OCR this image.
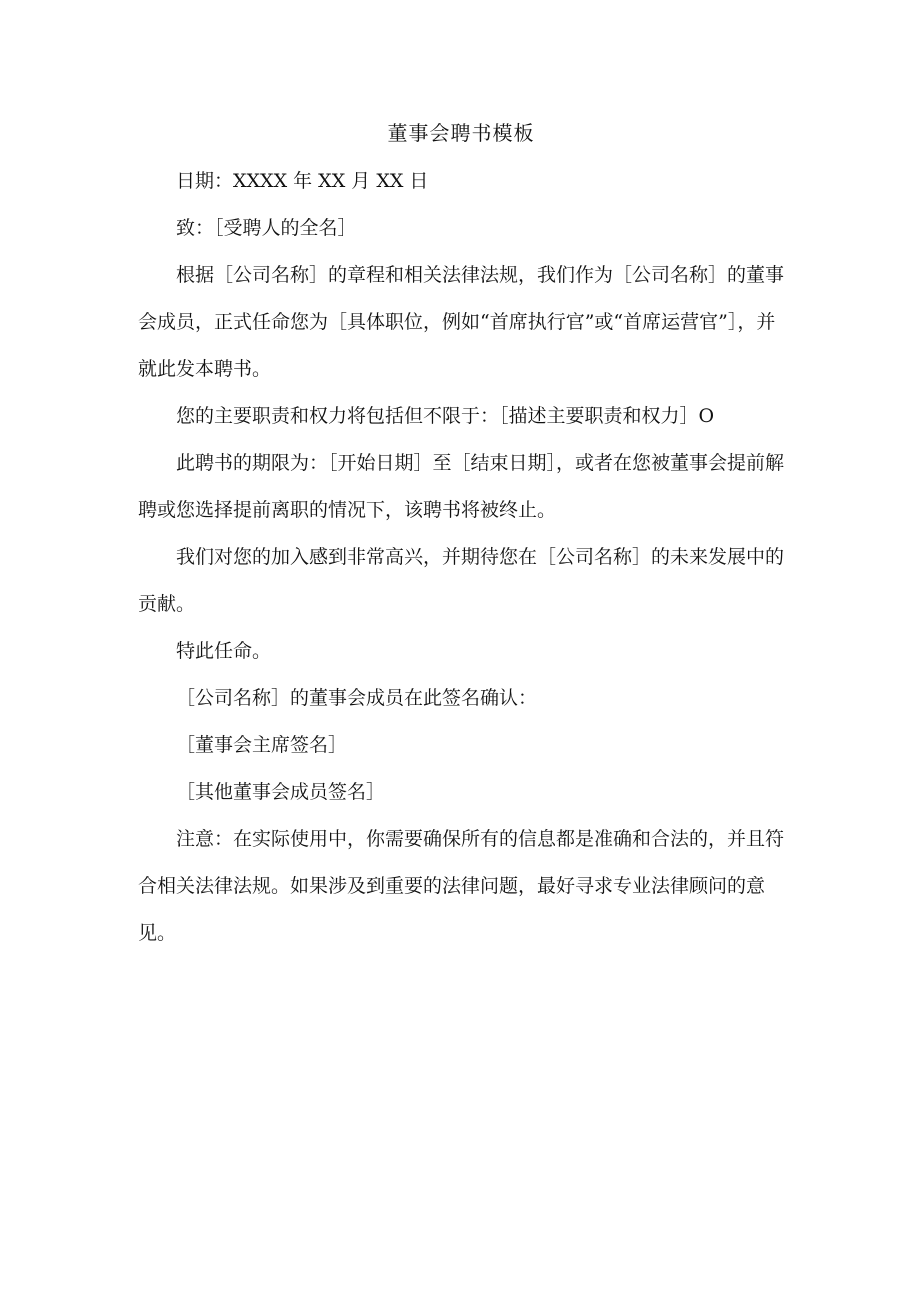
董事会聘书模板

日期：XXXX 年 XX 月 XX 日

致：［受聘人的全名］

根据［公司名称］的章程和相关法律法规，我们作为［公司名称］的董事会成员，正式任命您为［具体职位，例如“首席执行官”或“首席运营官”］，并就此发本聘书。

您的主要职责和权力将包括但不限于：［描述主要职责和权力］O

此聘书的期限为：［开始日期］至［结束日期］，或者在您被董事会提前解聘或您选择提前离职的情况下，该聘书将被终止。

我们对您的加入感到非常高兴，并期待您在［公司名称］的未来发展中的贡献。

特此任命。

［公司名称］的董事会成员在此签名确认：

［董事会主席签名］

［其他董事会成员签名］

注意：在实际使用中，你需要确保所有的信息都是准确和合法的，并且符合相关法律法规。如果涉及到重要的法律问题，最好寻求专业法律顾问的意见。
